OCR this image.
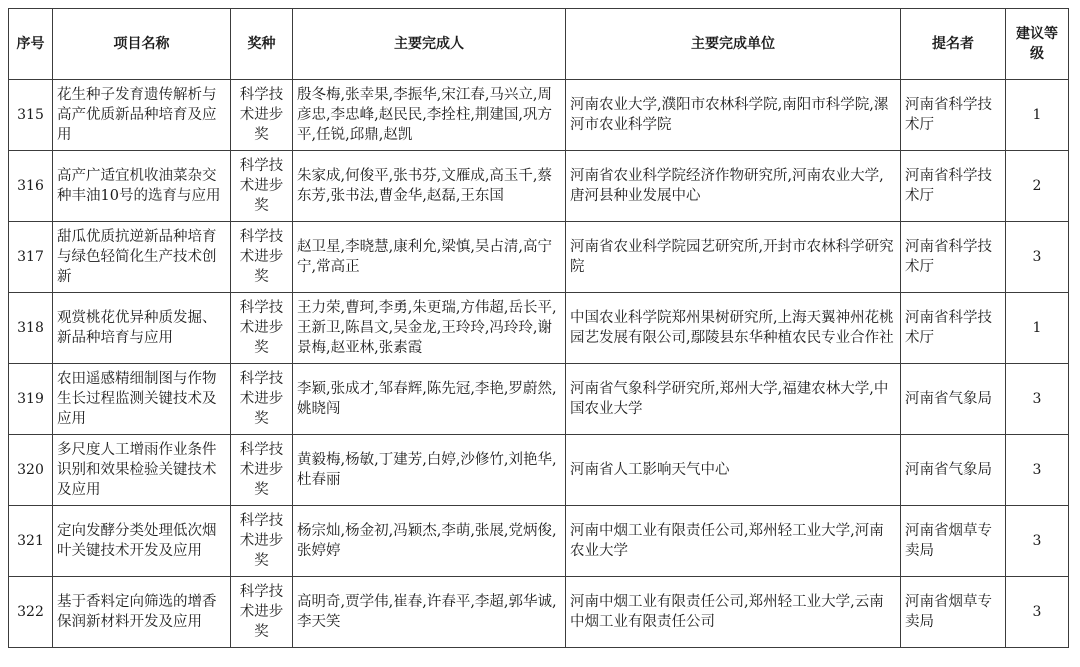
序号	项目名称	奖种	主要完成人	主要完成单位	提名者	建议等级
315	花生种子发育遗传解析与高产优质新品种培育及应用	科学技术进步奖	殷冬梅,张幸果,李振华,宋江春,马兴立,周彦忠,李忠峰,赵民民,李拴柱,荆建国,巩方平,任锐,邱鼎,赵凯	河南农业大学,濮阳市农林科学院,南阳市科学院,漯河市农业科学院	河南省科学技术厅	1
316	高产广适宜机收油菜杂交种丰油10号的选育与应用	科学技术进步奖	朱家成,何俊平,张书芬,文雁成,高玉千,蔡东芳,张书法,曹金华,赵磊,王东国	河南省农业科学院经济作物研究所,河南农业大学,唐河县种业发展中心	河南省科学技术厅	2
317	甜瓜优质抗逆新品种培育与绿色轻简化生产技术创新	科学技术进步奖	赵卫星,李晓慧,康利允,梁慎,吴占清,高宁宁,常高正	河南省农业科学院园艺研究所,开封市农林科学研究院	河南省科学技术厅	3
318	观赏桃花优异种质发掘、新品种培育与应用	科学技术进步奖	王力荣,曹珂,李勇,朱更瑞,方伟超,岳长平,王新卫,陈昌文,吴金龙,王玲玲,冯玲玲,谢景梅,赵亚林,张素霞	中国农业科学院郑州果树研究所,上海天翼神州花桃园艺发展有限公司,鄢陵县东华种植农民专业合作社	河南省科学技术厅	1
319	农田遥感精细制图与作物生长过程监测关键技术及应用	科学技术进步奖	李颖,张成才,邹春辉,陈先冠,李艳,罗蔚然,姚晓闯	河南省气象科学研究所,郑州大学,福建农林大学,中国农业大学	河南省气象局	3
320	多尺度人工增雨作业条件识别和效果检验关键技术及应用	科学技术进步奖	黄毅梅,杨敏,丁建芳,白婷,沙修竹,刘艳华,杜春丽	河南省人工影响天气中心	河南省气象局	3
321	定向发酵分类处理低次烟叶关键技术开发及应用	科学技术进步奖	杨宗灿,杨金初,冯颖杰,李萌,张展,党炳俊,张婷婷	河南中烟工业有限责任公司,郑州轻工业大学,河南农业大学	河南省烟草专卖局	3
322	基于香料定向筛选的增香保润新材料开发及应用	科学技术进步奖	高明奇,贾学伟,崔春,许春平,李超,郭华诚,李天笑	河南中烟工业有限责任公司,郑州轻工业大学,云南中烟工业有限责任公司	河南省烟草专卖局	3
